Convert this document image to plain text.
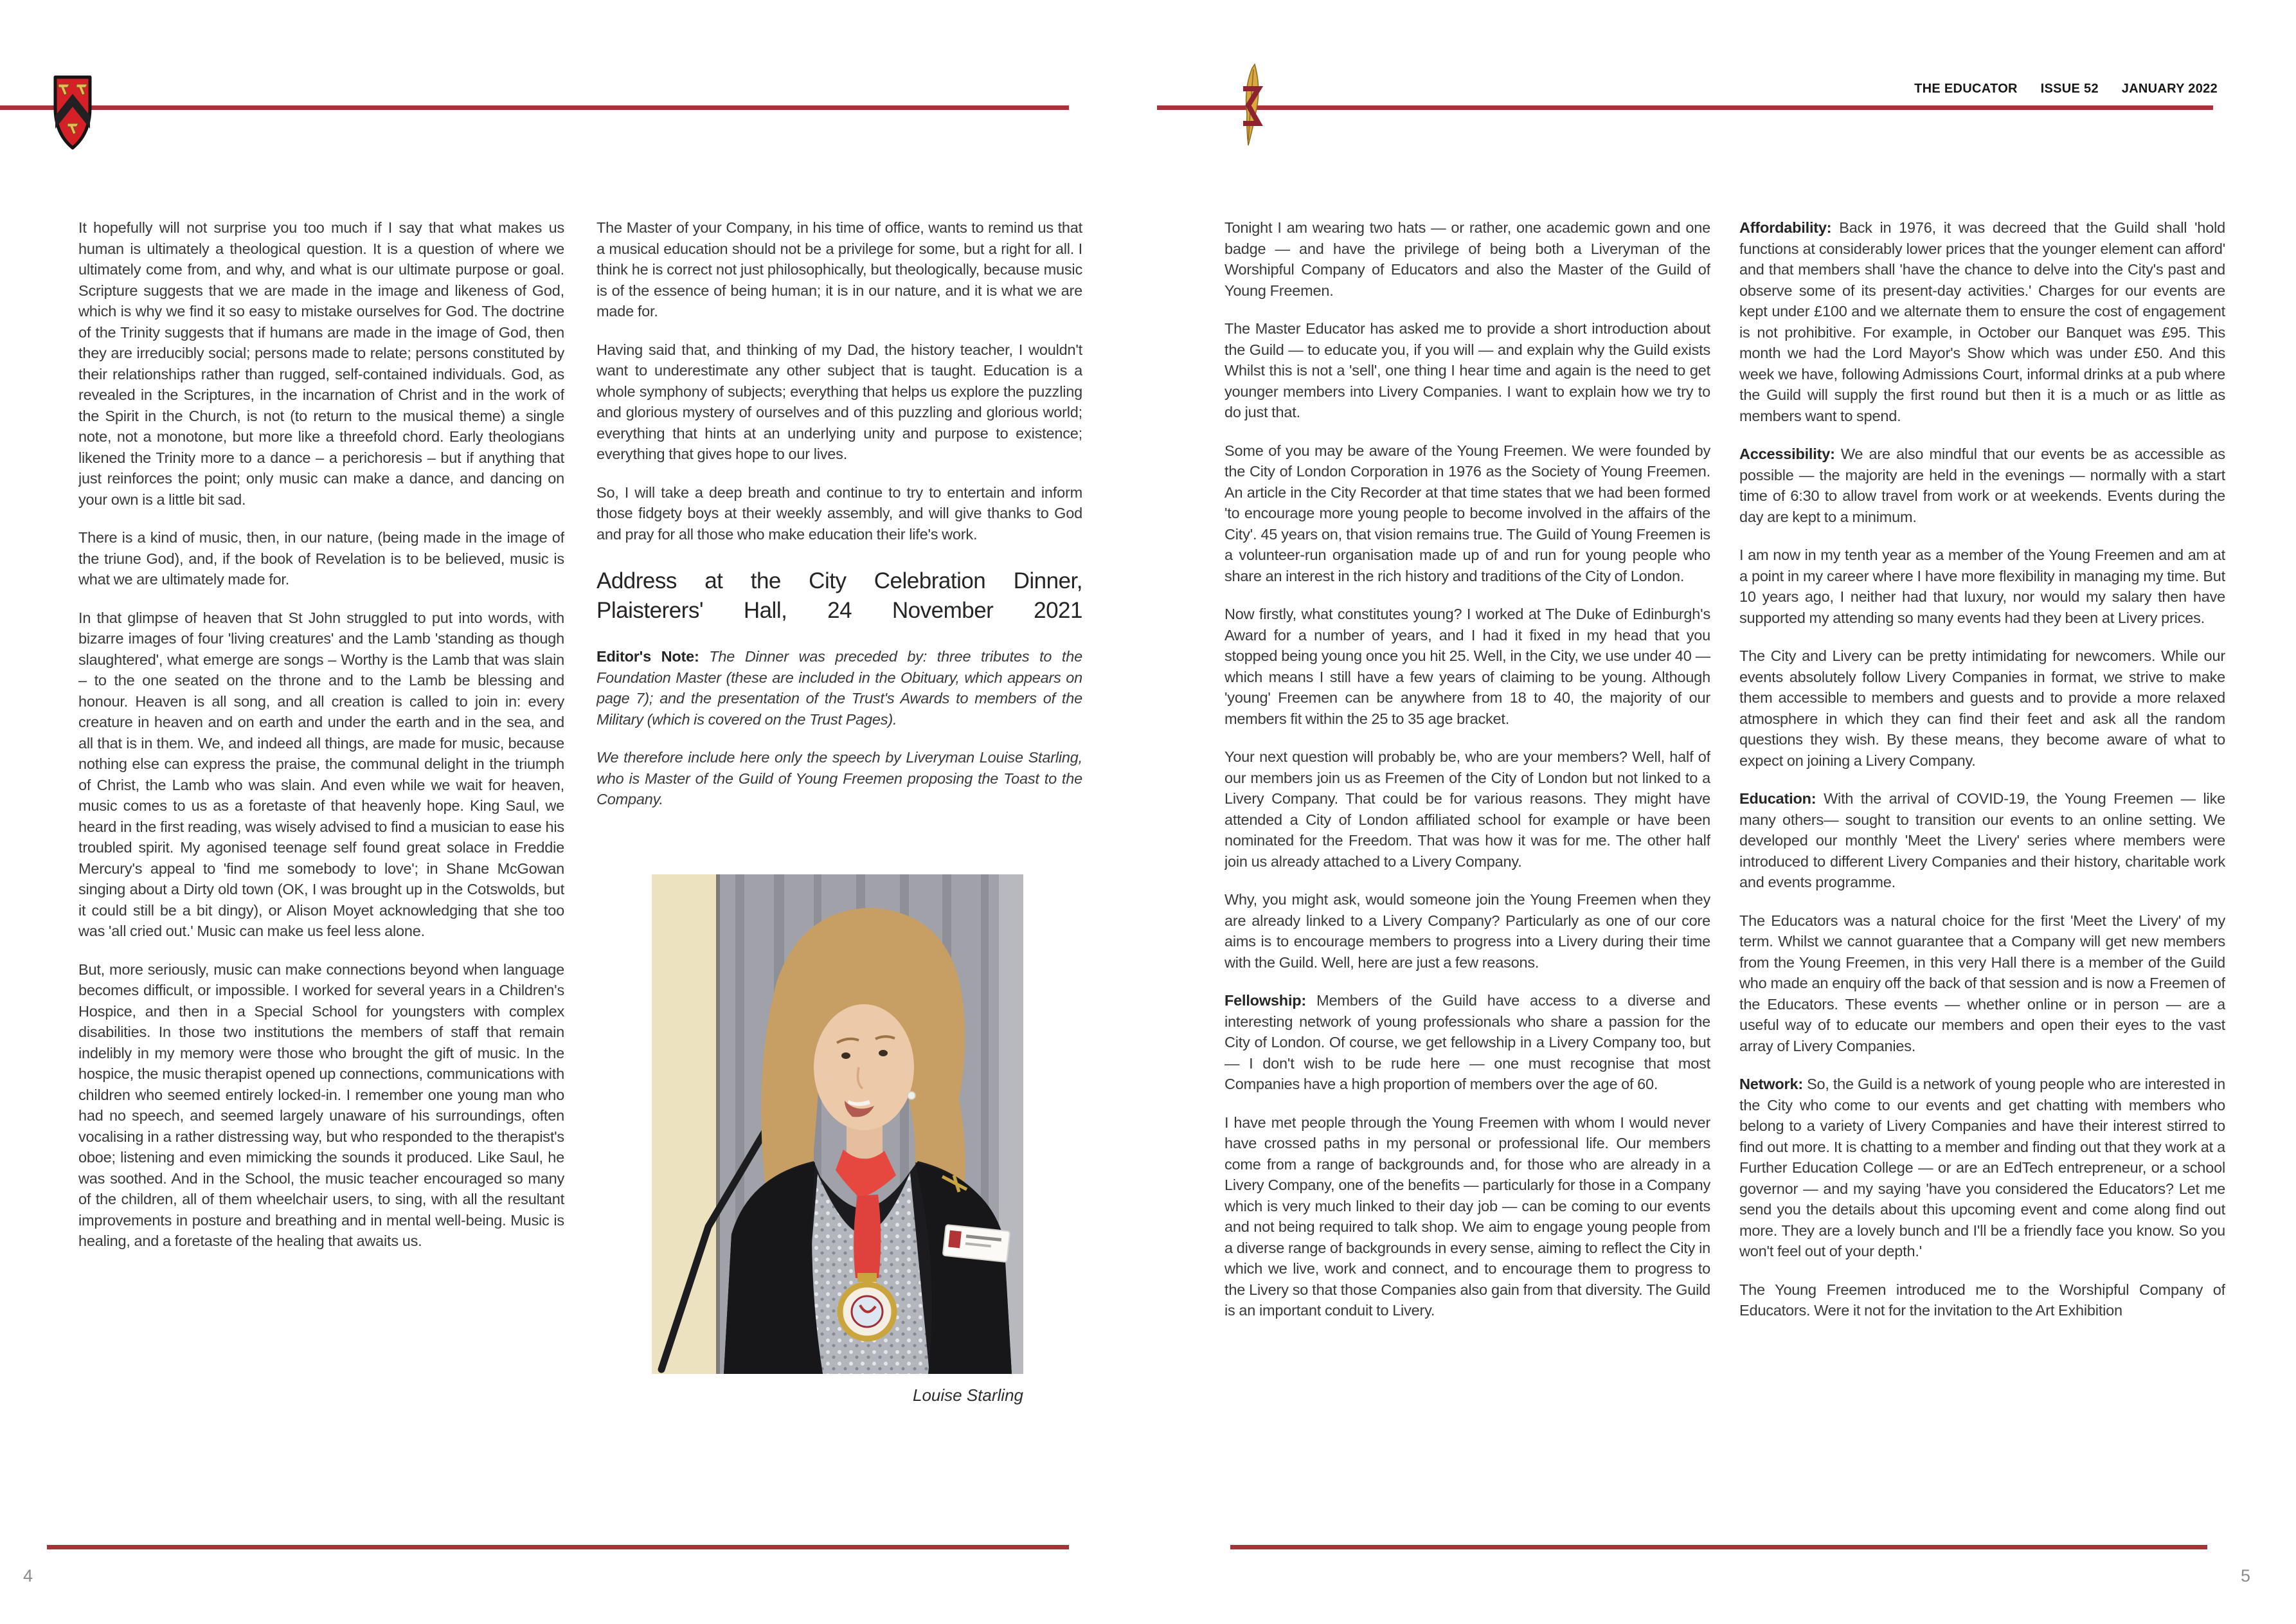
THE EDUCATOR ISSUE 52 JANUARY 2022

It hopefully will not surprise you too much if I say that what makes us human is ultimately a theological question. It is a question of where we ultimately come from, and why, and what is our ultimate purpose or goal. Scripture suggests that we are made in the image and likeness of God, which is why we find it so easy to mistake ourselves for God. The doctrine of the Trinity suggests that if humans are made in the image of God, then they are irreducibly social; persons made to relate; persons constituted by their relationships rather than rugged, self-contained individuals. God, as revealed in the Scriptures, in the incarnation of Christ and in the work of the Spirit in the Church, is not (to return to the musical theme) a single note, not a monotone, but more like a threefold chord. Early theologians likened the Trinity more to a dance – a perichoresis – but if anything that just reinforces the point; only music can make a dance, and dancing on your own is a little bit sad.

There is a kind of music, then, in our nature, (being made in the image of the triune God), and, if the book of Revelation is to be believed, music is what we are ultimately made for.

In that glimpse of heaven that St John struggled to put into words, with bizarre images of four 'living creatures' and the Lamb 'standing as though slaughtered', what emerge are songs – Worthy is the Lamb that was slain – to the one seated on the throne and to the Lamb be blessing and honour. Heaven is all song, and all creation is called to join in: every creature in heaven and on earth and under the earth and in the sea, and all that is in them. We, and indeed all things, are made for music, because nothing else can express the praise, the communal delight in the triumph of Christ, the Lamb who was slain. And even while we wait for heaven, music comes to us as a foretaste of that heavenly hope. King Saul, we heard in the first reading, was wisely advised to find a musician to ease his troubled spirit. My agonised teenage self found great solace in Freddie Mercury's appeal to 'find me somebody to love'; in Shane McGowan singing about a Dirty old town (OK, I was brought up in the Cotswolds, but it could still be a bit dingy), or Alison Moyet acknowledging that she too was 'all cried out.' Music can make us feel less alone.

But, more seriously, music can make connections beyond when language becomes difficult, or impossible. I worked for several years in a Children's Hospice, and then in a Special School for youngsters with complex disabilities. In those two institutions the members of staff that remain indelibly in my memory were those who brought the gift of music. In the hospice, the music therapist opened up connections, communications with children who seemed entirely locked-in. I remember one young man who had no speech, and seemed largely unaware of his surroundings, often vocalising in a rather distressing way, but who responded to the therapist's oboe; listening and even mimicking the sounds it produced. Like Saul, he was soothed. And in the School, the music teacher encouraged so many of the children, all of them wheelchair users, to sing, with all the resultant improvements in posture and breathing and in mental well-being. Music is healing, and a foretaste of the healing that awaits us.

The Master of your Company, in his time of office, wants to remind us that a musical education should not be a privilege for some, but a right for all. I think he is correct not just philosophically, but theologically, because music is of the essence of being human; it is in our nature, and it is what we are made for.

Having said that, and thinking of my Dad, the history teacher, I wouldn't want to underestimate any other subject that is taught. Education is a whole symphony of subjects; everything that helps us explore the puzzling and glorious mystery of ourselves and of this puzzling and glorious world; everything that hints at an underlying unity and purpose to existence; everything that gives hope to our lives.

So, I will take a deep breath and continue to try to entertain and inform those fidgety boys at their weekly assembly, and will give thanks to God and pray for all those who make education their life's work.

Address at the City Celebration Dinner,
Plaisterers' Hall, 24 November 2021

Editor's Note: The Dinner was preceded by: three tributes to the Foundation Master (these are included in the Obituary, which appears on page 7); and the presentation of the Trust's Awards to members of the Military (which is covered on the Trust Pages).

We therefore include here only the speech by Liveryman Louise Starling, who is Master of the Guild of Young Freemen proposing the Toast to the Company.

Louise Starling

Tonight I am wearing two hats — or rather, one academic gown and one badge — and have the privilege of being both a Liveryman of the Worshipful Company of Educators and also the Master of the Guild of Young Freemen.

The Master Educator has asked me to provide a short introduction about the Guild — to educate you, if you will — and explain why the Guild exists Whilst this is not a 'sell', one thing I hear time and again is the need to get younger members into Livery Companies. I want to explain how we try to do just that.

Some of you may be aware of the Young Freemen. We were founded by the City of London Corporation in 1976 as the Society of Young Freemen. An article in the City Recorder at that time states that we had been formed 'to encourage more young people to become involved in the affairs of the City'. 45 years on, that vision remains true. The Guild of Young Freemen is a volunteer-run organisation made up of and run for young people who share an interest in the rich history and traditions of the City of London.

Now firstly, what constitutes young? I worked at The Duke of Edinburgh's Award for a number of years, and I had it fixed in my head that you stopped being young once you hit 25. Well, in the City, we use under 40 — which means I still have a few years of claiming to be young. Although 'young' Freemen can be anywhere from 18 to 40, the majority of our members fit within the 25 to 35 age bracket.

Your next question will probably be, who are your members? Well, half of our members join us as Freemen of the City of London but not linked to a Livery Company. That could be for various reasons. They might have attended a City of London affiliated school for example or have been nominated for the Freedom. That was how it was for me. The other half join us already attached to a Livery Company.

Why, you might ask, would someone join the Young Freemen when they are already linked to a Livery Company? Particularly as one of our core aims is to encourage members to progress into a Livery during their time with the Guild. Well, here are just a few reasons.

Fellowship: Members of the Guild have access to a diverse and interesting network of young professionals who share a passion for the City of London. Of course, we get fellowship in a Livery Company too, but — I don't wish to be rude here — one must recognise that most Companies have a high proportion of members over the age of 60.

I have met people through the Young Freemen with whom I would never have crossed paths in my personal or professional life. Our members come from a range of backgrounds and, for those who are already in a Livery Company, one of the benefits — particularly for those in a Company which is very much linked to their day job — can be coming to our events and not being required to talk shop. We aim to engage young people from a diverse range of backgrounds in every sense, aiming to reflect the City in which we live, work and connect, and to encourage them to progress to the Livery so that those Companies also gain from that diversity. The Guild is an important conduit to Livery.

Affordability: Back in 1976, it was decreed that the Guild shall 'hold functions at considerably lower prices that the younger element can afford' and that members shall 'have the chance to delve into the City's past and observe some of its present-day activities.' Charges for our events are kept under £100 and we alternate them to ensure the cost of engagement is not prohibitive. For example, in October our Banquet was £95. This month we had the Lord Mayor's Show which was under £50. And this week we have, following Admissions Court, informal drinks at a pub where the Guild will supply the first round but then it is a much or as little as members want to spend.

Accessibility: We are also mindful that our events be as accessible as possible — the majority are held in the evenings — normally with a start time of 6:30 to allow travel from work or at weekends. Events during the day are kept to a minimum.

I am now in my tenth year as a member of the Young Freemen and am at a point in my career where I have more flexibility in managing my time. But 10 years ago, I neither had that luxury, nor would my salary then have supported my attending so many events had they been at Livery prices.

The City and Livery can be pretty intimidating for newcomers. While our events absolutely follow Livery Companies in format, we strive to make them accessible to members and guests and to provide a more relaxed atmosphere in which they can find their feet and ask all the random questions they wish. By these means, they become aware of what to expect on joining a Livery Company.

Education: With the arrival of COVID-19, the Young Freemen — like many others— sought to transition our events to an online setting. We developed our monthly 'Meet the Livery' series where members were introduced to different Livery Companies and their history, charitable work and events programme.

The Educators was a natural choice for the first 'Meet the Livery' of my term. Whilst we cannot guarantee that a Company will get new members from the Young Freemen, in this very Hall there is a member of the Guild who made an enquiry off the back of that session and is now a Freemen of the Educators. These events — whether online or in person — are a useful way of to educate our members and open their eyes to the vast array of Livery Companies.

Network: So, the Guild is a network of young people who are interested in the City who come to our events and get chatting with members who belong to a variety of Livery Companies and have their interest stirred to find out more. It is chatting to a member and finding out that they work at a Further Education College — or are an EdTech entrepreneur, or a school governor — and my saying 'have you considered the Educators? Let me send you the details about this upcoming event and come along find out more. They are a lovely bunch and I'll be a friendly face you know. So you won't feel out of your depth.'

The Young Freemen introduced me to the Worshipful Company of Educators. Were it not for the invitation to the Art Exhibition

4	5
